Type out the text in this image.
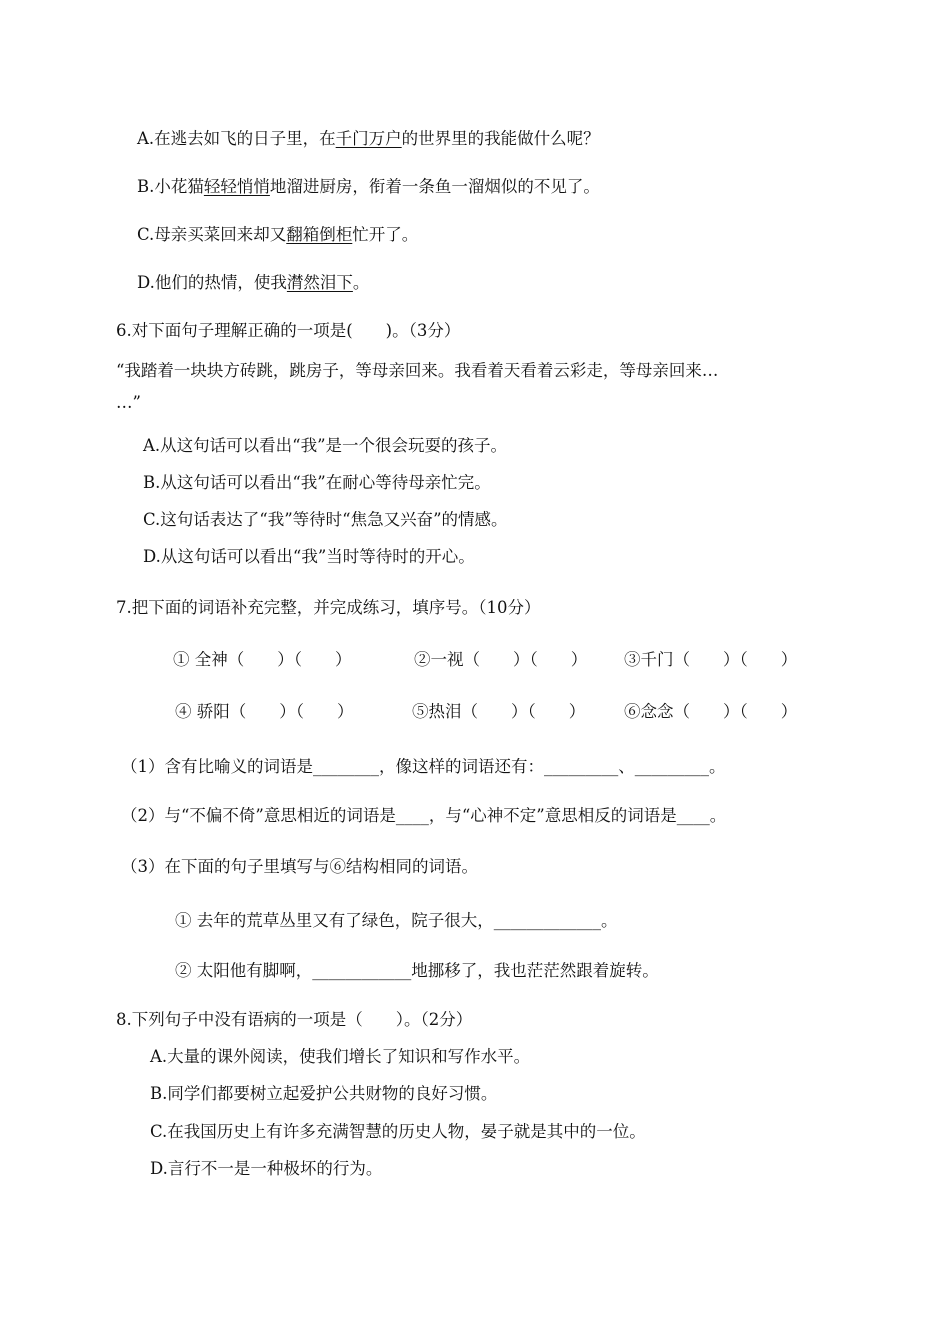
A.在逃去如飞的日子里，在千门万户的世界里的我能做什么呢？
B.小花猫轻轻悄悄地溜进厨房，衔着一条鱼一溜烟似的不见了。
C.母亲买菜回来却又翻箱倒柜忙开了。
D.他们的热情，使我潸然泪下。
6.对下面句子理解正确的一项是(　　)。（3分）
“我踏着一块块方砖跳，跳房子，等母亲回来。我看着天看着云彩走，等母亲回来…
…”
A.从这句话可以看出“我”是一个很会玩耍的孩子。
B.从这句话可以看出“我”在耐心等待母亲忙完。
C.这句话表达了“我”等待时“焦急又兴奋”的情感。
D.从这句话可以看出“我”当时等待时的开心。
7.把下面的词语补充完整，并完成练习，填序号。（10分）
① 全神（　　）（　　）	②一视（　　）（　　） ③千门（　　）（　　）
④ 骄阳（　　）（　　）	⑤热泪（　　）（　　） ⑥念念（　　）（　　）
（1）含有比喻义的词语是________，像这样的词语还有：_________、_________。
（2）与“不偏不倚”意思相近的词语是____，与“心神不定”意思相反的词语是____。
（3）在下面的句子里填写与⑥结构相同的词语。
① 去年的荒草丛里又有了绿色，院子很大，_____________。
② 太阳他有脚啊，____________地挪移了，我也茫茫然跟着旋转。
8.下列句子中没有语病的一项是（　　）。（2分）
A.大量的课外阅读，使我们增长了知识和写作水平。
B.同学们都要树立起爱护公共财物的良好习惯。
C.在我国历史上有许多充满智慧的历史人物，晏子就是其中的一位。
D.言行不一是一种极坏的行为。
